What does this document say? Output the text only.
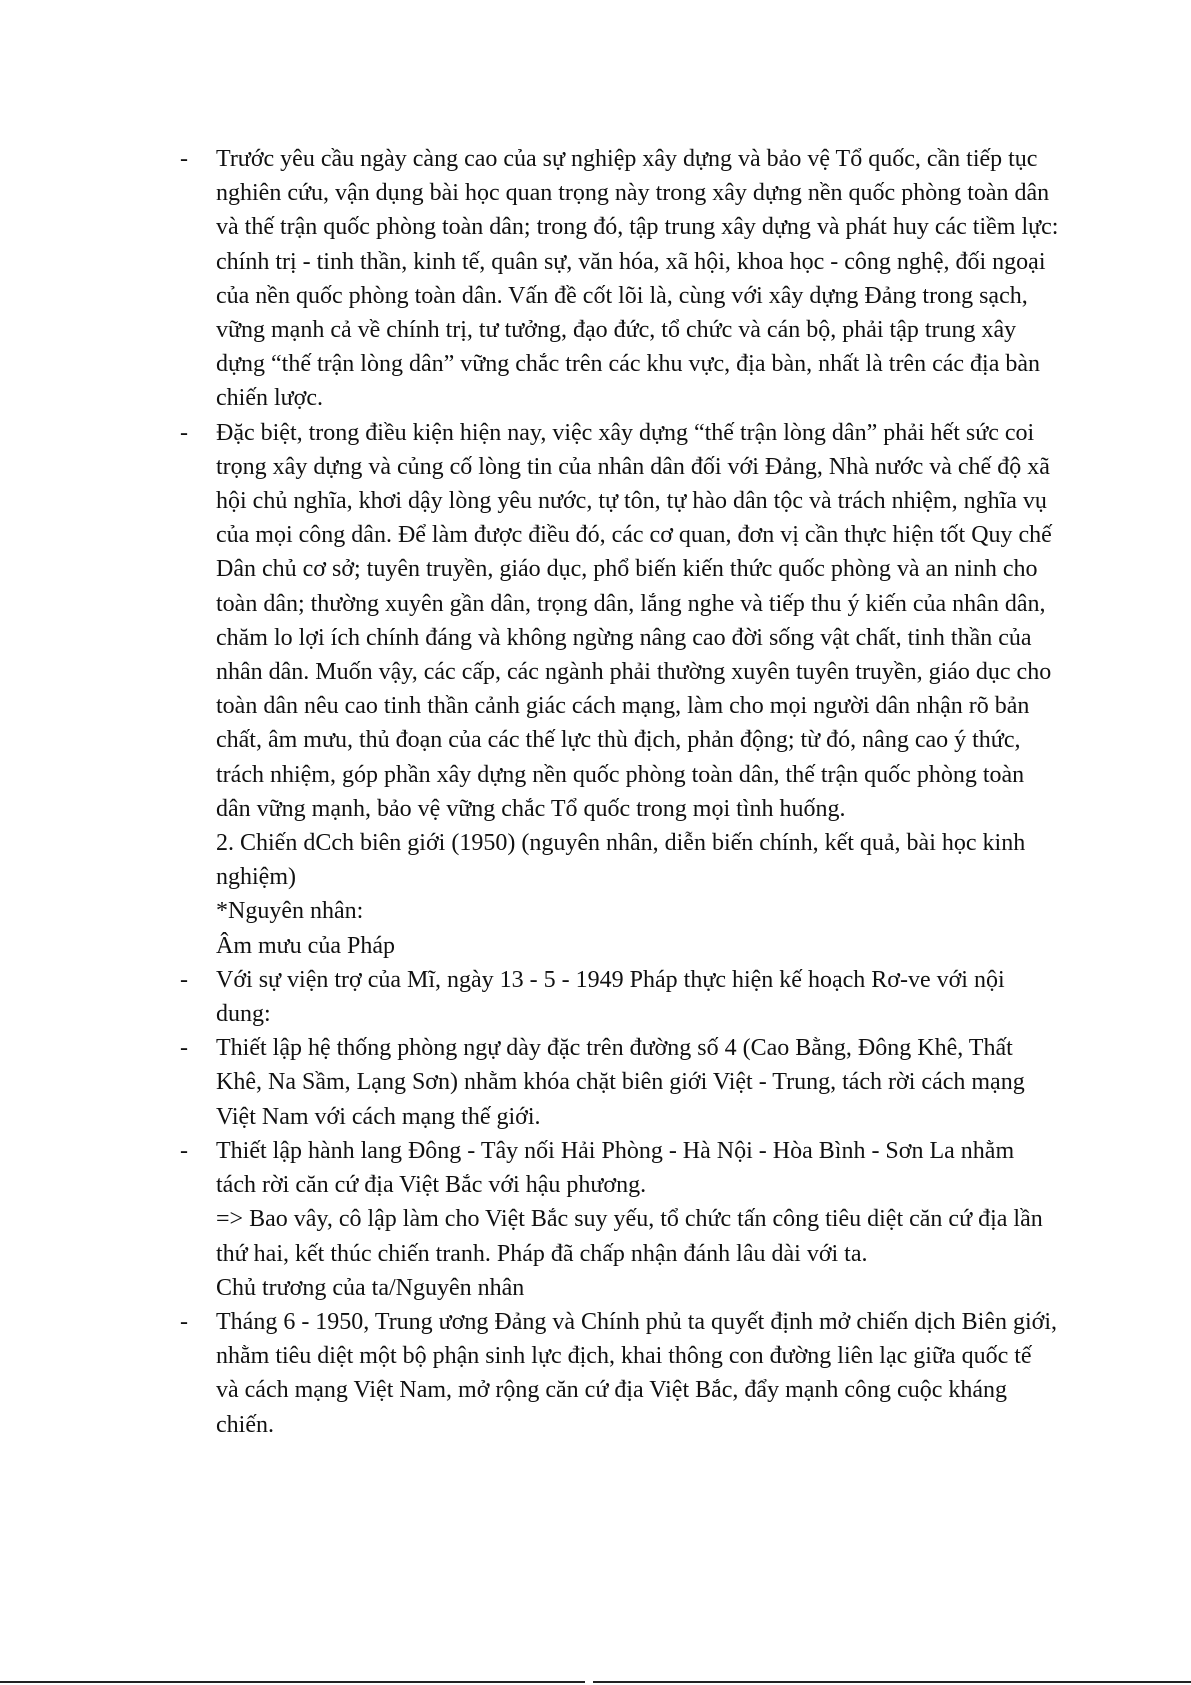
-	Trước yêu cầu ngày càng cao của sự nghiệp xây dựng và bảo vệ Tổ quốc, cần tiếp tục nghiên cứu, vận dụng bài học quan trọng này trong xây dựng nền quốc phòng toàn dân và thế trận quốc phòng toàn dân; trong đó, tập trung xây dựng và phát huy các tiềm lực: chính trị - tinh thần, kinh tế, quân sự, văn hóa, xã hội, khoa học - công nghệ, đối ngoại của nền quốc phòng toàn dân. Vấn đề cốt lõi là, cùng với xây dựng Đảng trong sạch, vững mạnh cả về chính trị, tư tưởng, đạo đức, tổ chức và cán bộ, phải tập trung xây dựng “thế trận lòng dân” vững chắc trên các khu vực, địa bàn, nhất là trên các địa bàn chiến lược.
-	Đặc biệt, trong điều kiện hiện nay, việc xây dựng “thế trận lòng dân” phải hết sức coi trọng xây dựng và củng cố lòng tin của nhân dân đối với Đảng, Nhà nước và chế độ xã hội chủ nghĩa, khơi dậy lòng yêu nước, tự tôn, tự hào dân tộc và trách nhiệm, nghĩa vụ của mọi công dân. Để làm được điều đó, các cơ quan, đơn vị cần thực hiện tốt Quy chế Dân chủ cơ sở; tuyên truyền, giáo dục, phổ biến kiến thức quốc phòng và an ninh cho toàn dân; thường xuyên gần dân, trọng dân, lắng nghe và tiếp thu ý kiến của nhân dân, chăm lo lợi ích chính đáng và không ngừng nâng cao đời sống vật chất, tinh thần của nhân dân. Muốn vậy, các cấp, các ngành phải thường xuyên tuyên truyền, giáo dục cho toàn dân nêu cao tinh thần cảnh giác cách mạng, làm cho mọi người dân nhận rõ bản chất, âm mưu, thủ đoạn của các thế lực thù địch, phản động; từ đó, nâng cao ý thức, trách nhiệm, góp phần xây dựng nền quốc phòng toàn dân, thế trận quốc phòng toàn dân vững mạnh, bảo vệ vững chắc Tổ quốc trong mọi tình huống.

2. Chiến dCch biên giới (1950) (nguyên nhân, diễn biến chính, kết quả, bài học kinh nghiệm)

*Nguyên nhân:

Âm mưu của Pháp

-	Với sự viện trợ của Mĩ, ngày 13 - 5 - 1949 Pháp thực hiện kế hoạch Rơ-ve với nội dung:
-	Thiết lập hệ thống phòng ngự dày đặc trên đường số 4 (Cao Bằng, Đông Khê, Thất Khê, Na Sầm, Lạng Sơn) nhằm khóa chặt biên giới Việt - Trung, tách rời cách mạng Việt Nam với cách mạng thế giới.
-	Thiết lập hành lang Đông - Tây nối Hải Phòng - Hà Nội - Hòa Bình - Sơn La nhằm tách rời căn cứ địa Việt Bắc với hậu phương.

=> Bao vây, cô lập làm cho Việt Bắc suy yếu, tổ chức tấn công tiêu diệt căn cứ địa lần thứ hai, kết thúc chiến tranh. Pháp đã chấp nhận đánh lâu dài với ta.

Chủ trương của ta/Nguyên nhân

-	Tháng 6 - 1950, Trung ương Đảng và Chính phủ ta quyết định mở chiến dịch Biên giới, nhằm tiêu diệt một bộ phận sinh lực địch, khai thông con đường liên lạc giữa quốc tế và cách mạng Việt Nam, mở rộng căn cứ địa Việt Bắc, đẩy mạnh công cuộc kháng chiến.
